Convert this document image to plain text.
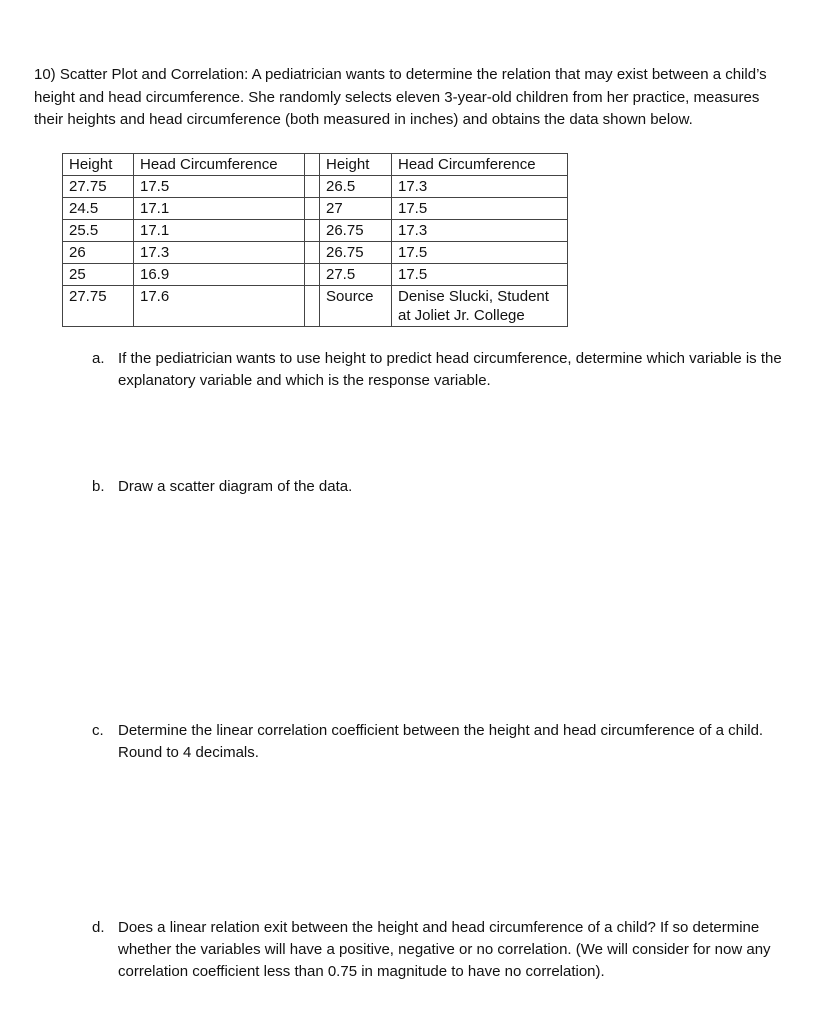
10) Scatter Plot and Correlation: A pediatrician wants to determine the relation that may exist between a child’s height and head circumference. She randomly selects eleven 3-year-old children from her practice, measures their heights and head circumference (both measured in inches) and obtains the data shown below.

Height	Head Circumference		Height	Head Circumference
27.75	17.5		26.5	17.3
24.5	17.1		27	17.5
25.5	17.1		26.75	17.3
26	17.3		26.75	17.5
25	16.9		27.5	17.5
27.75	17.6		Source	Denise Slucki, Student at Joliet Jr. College
a. If the pediatrician wants to use height to predict head circumference, determine which variable is the explanatory variable and which is the response variable.
b. Draw a scatter diagram of the data.
c. Determine the linear correlation coefficient between the height and head circumference of a child. Round to 4 decimals.
d. Does a linear relation exit between the height and head circumference of a child? If so determine whether the variables will have a positive, negative or no correlation. (We will consider for now any correlation coefficient less than 0.75 in magnitude to have no correlation).
